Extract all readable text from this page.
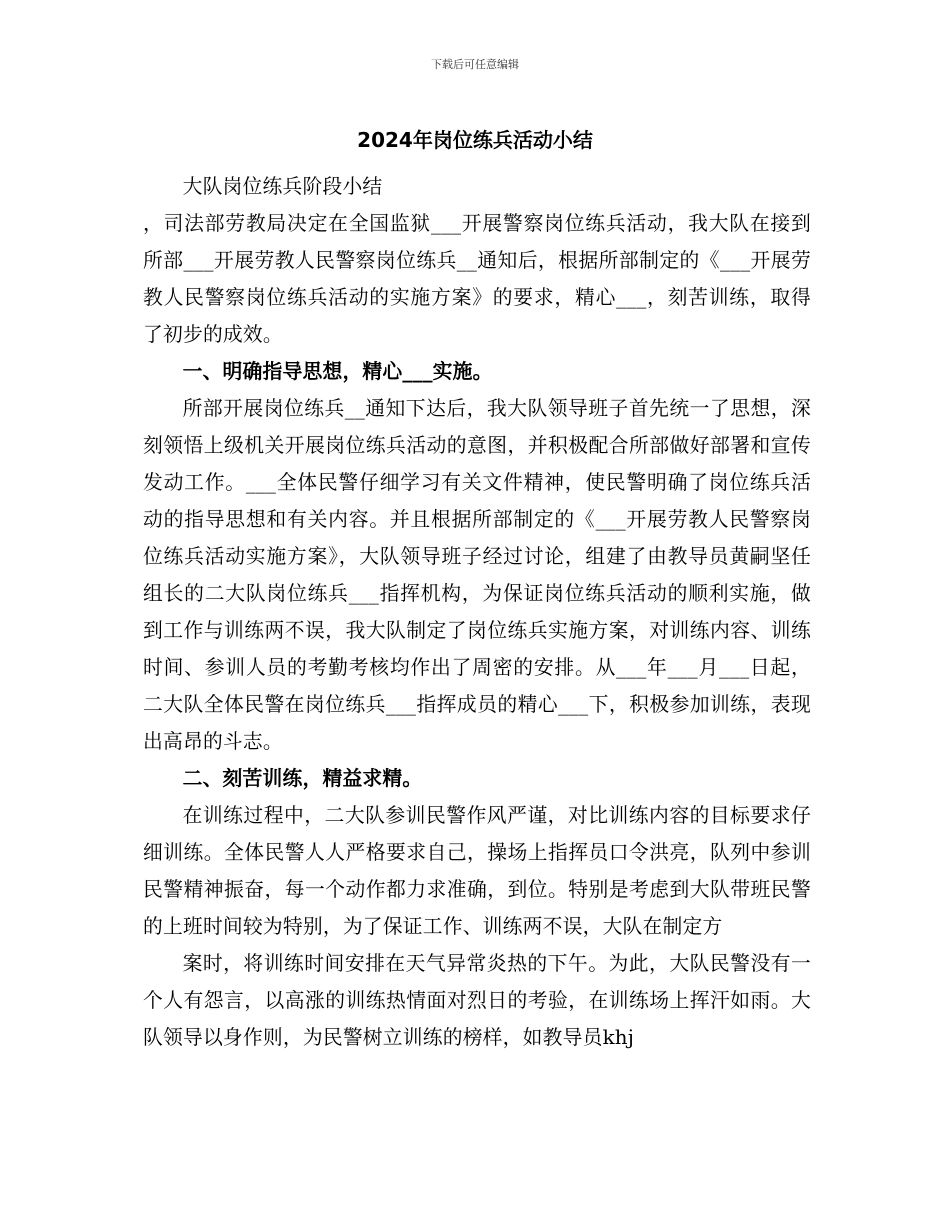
下载后可任意编辑
2024年岗位练兵活动小结

大队岗位练兵阶段小结

，司法部劳教局决定在全国监狱___开展警察岗位练兵活动，我大队在接到所部___开展劳教人民警察岗位练兵__通知后，根据所部制定的《___开展劳教人民警察岗位练兵活动的实施方案》的要求，精心___，刻苦训练，取得了初步的成效。

一、明确指导思想，精心___实施。

所部开展岗位练兵__通知下达后，我大队领导班子首先统一了思想，深刻领悟上级机关开展岗位练兵活动的意图，并积极配合所部做好部署和宣传发动工作。___全体民警仔细学习有关文件精神，使民警明确了岗位练兵活动的指导思想和有关内容。并且根据所部制定的《___开展劳教人民警察岗位练兵活动实施方案》，大队领导班子经过讨论，组建了由教导员黄嗣坚任组长的二大队岗位练兵___指挥机构，为保证岗位练兵活动的顺利实施，做到工作与训练两不误，我大队制定了岗位练兵实施方案，对训练内容、训练时间、参训人员的考勤考核均作出了周密的安排。从___年___月___日起，二大队全体民警在岗位练兵___指挥成员的精心___下，积极参加训练，表现出高昂的斗志。

二、刻苦训练，精益求精。

在训练过程中，二大队参训民警作风严谨，对比训练内容的目标要求仔细训练。全体民警人人严格要求自己，操场上指挥员口令洪亮，队列中参训民警精神振奋，每一个动作都力求准确，到位。特别是考虑到大队带班民警的上班时间较为特别，为了保证工作、训练两不误，大队在制定方

案时，将训练时间安排在天气异常炎热的下午。为此，大队民警没有一个人有怨言，以高涨的训练热情面对烈日的考验，在训练场上挥汗如雨。大队领导以身作则，为民警树立训练的榜样，如教导员khj
